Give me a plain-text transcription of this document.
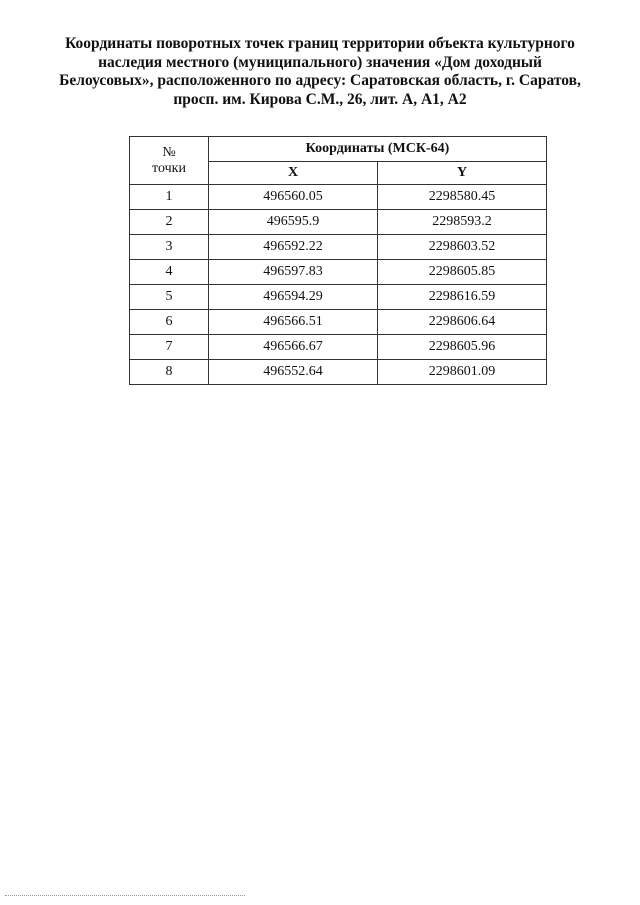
Координаты поворотных точек границ территории объекта культурного
наследия местного (муниципального) значения «Дом доходный
Белоусовых», расположенного по адресу: Саратовская область, г. Саратов,
просп. им. Кирова С.М., 26, лит. А, А1, А2
№
точки	Координаты (МСК-64)	
	X	Y
1	496560.05	2298580.45
2	496595.9	2298593.2
3	496592.22	2298603.52
4	496597.83	2298605.85
5	496594.29	2298616.59
6	496566.51	2298606.64
7	496566.67	2298605.96
8	496552.64	2298601.09
